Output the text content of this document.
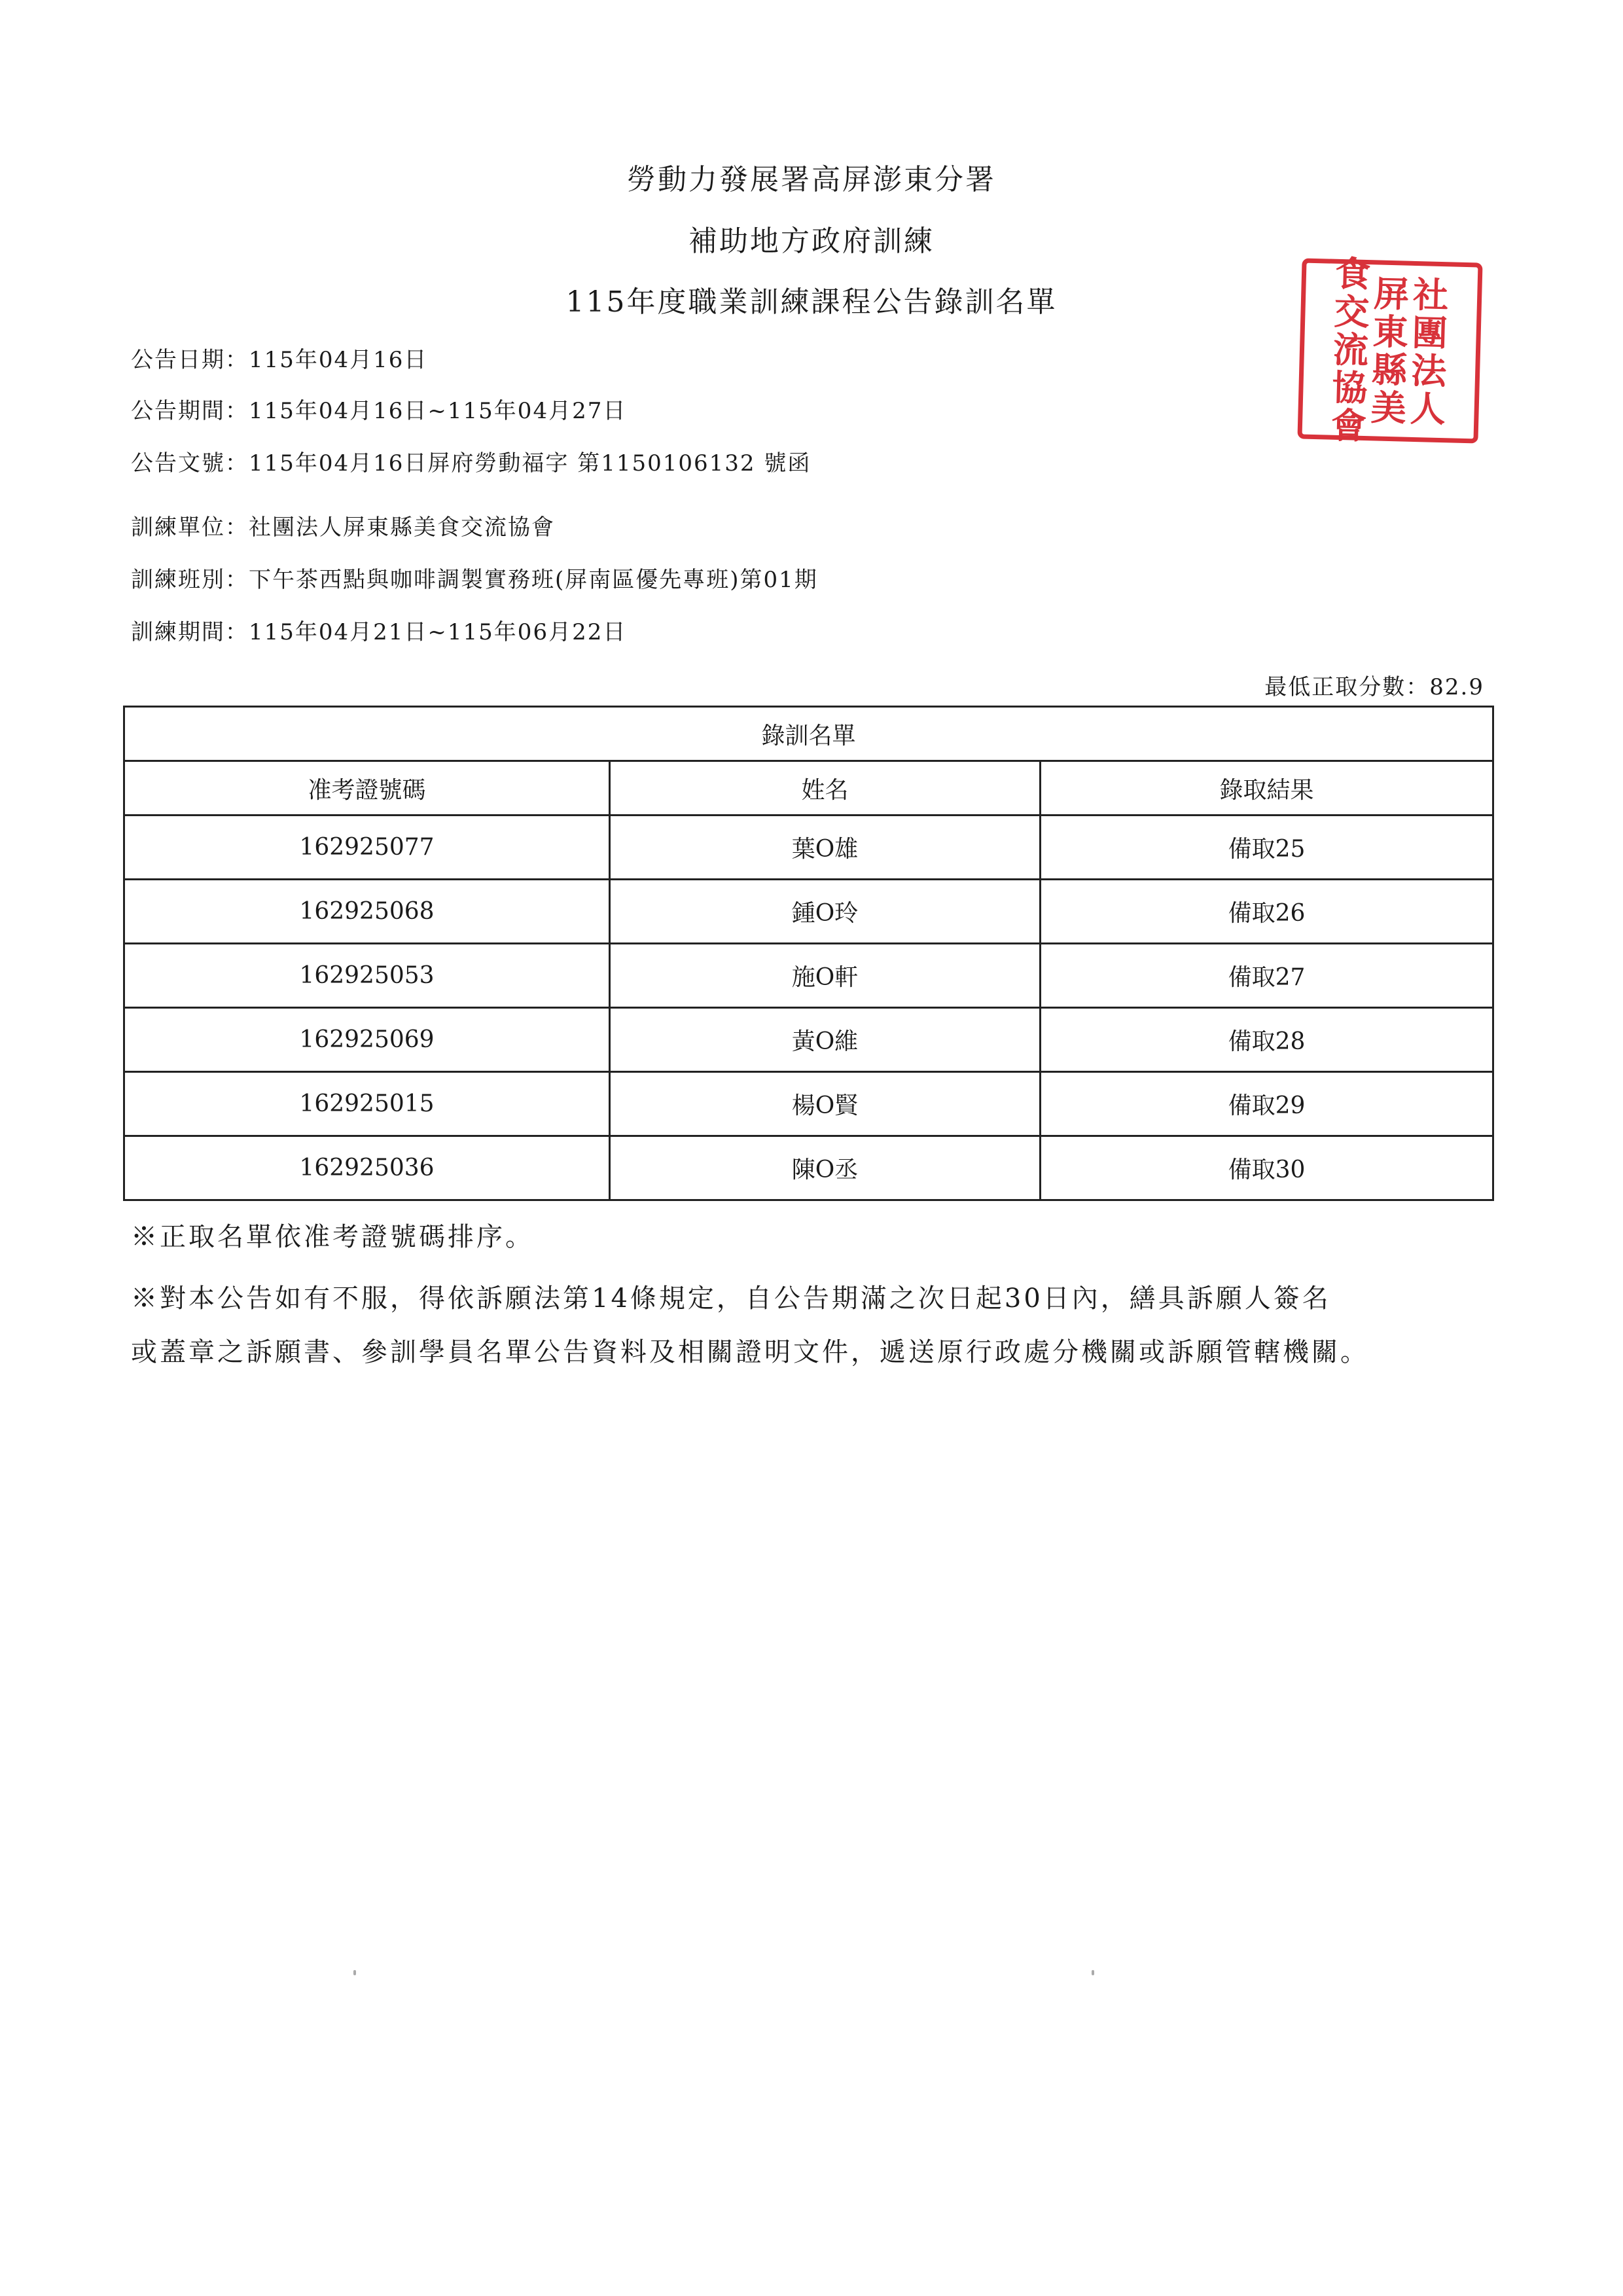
勞動力發展署高屏澎東分署
補助地方政府訓練
115年度職業訓練課程公告錄訓名單	社
團
法
人
屏
東
縣
美
食
交
流
協
會
公告日期：115年04月16日
公告期間：115年04月16日~115年04月27日
公告文號：115年04月16日屏府勞動福字 第1150106132 號函
訓練單位：社團法人屏東縣美食交流協會
訓練班別：下午茶西點與咖啡調製實務班(屏南區優先專班)第01期
訓練期間：115年04月21日~115年06月22日
最低正取分數：82.9
錄訓名單		
准考證號碼	姓名	錄取結果
162925077	葉O雄	備取25
162925068	鍾O玲	備取26
162925053	施O軒	備取27
162925069	黃O維	備取28
162925015	楊O賢	備取29
162925036	陳O丞	備取30
※正取名單依准考證號碼排序。
※對本公告如有不服，得依訴願法第14條規定，自公告期滿之次日起30日內，繕具訴願人簽名
或蓋章之訴願書、參訓學員名單公告資料及相關證明文件，遞送原行政處分機關或訴願管轄機關。
